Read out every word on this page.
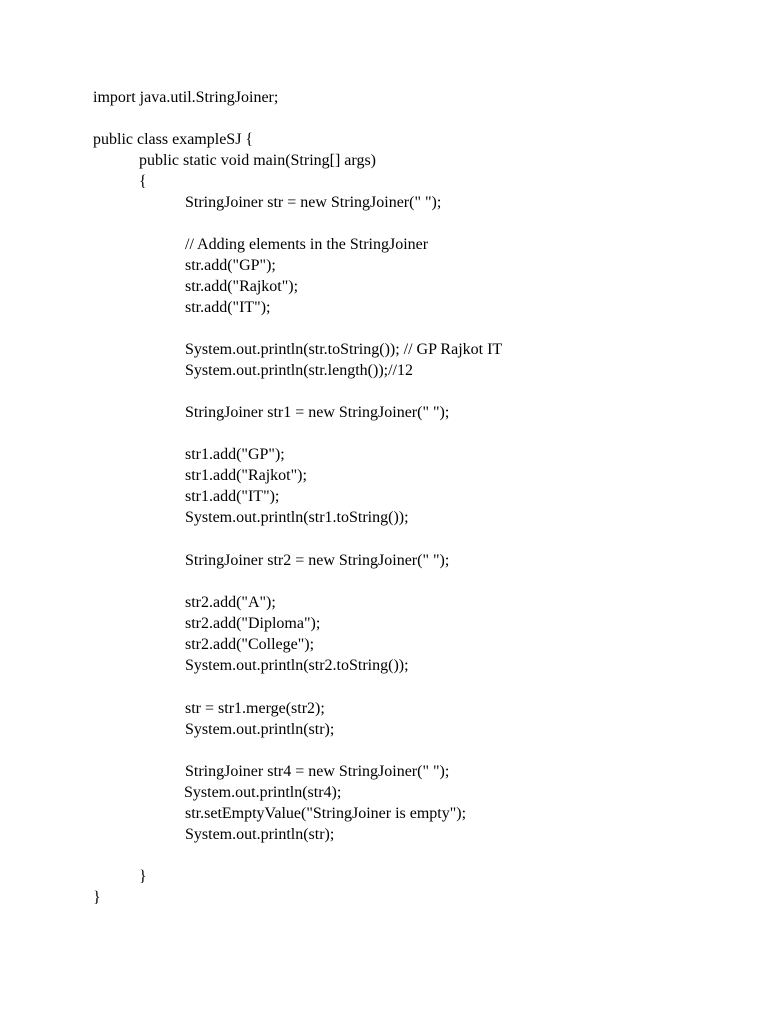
import java.util.StringJoiner;
public class exampleSJ {
public static void main(String[] args)
{
StringJoiner str = new StringJoiner(" ");
// Adding elements in the StringJoiner
str.add("GP");
str.add("Rajkot");
str.add("IT");
System.out.println(str.toString()); // GP Rajkot IT
System.out.println(str.length());//12
StringJoiner str1 = new StringJoiner(" ");
str1.add("GP");
str1.add("Rajkot");
str1.add("IT");
System.out.println(str1.toString());
StringJoiner str2 = new StringJoiner(" ");
str2.add("A");
str2.add("Diploma");
str2.add("College");
System.out.println(str2.toString());
str = str1.merge(str2);
System.out.println(str);
StringJoiner str4 = new StringJoiner(" ");
System.out.println(str4);
str.setEmptyValue("StringJoiner is empty");
System.out.println(str);
}
}
